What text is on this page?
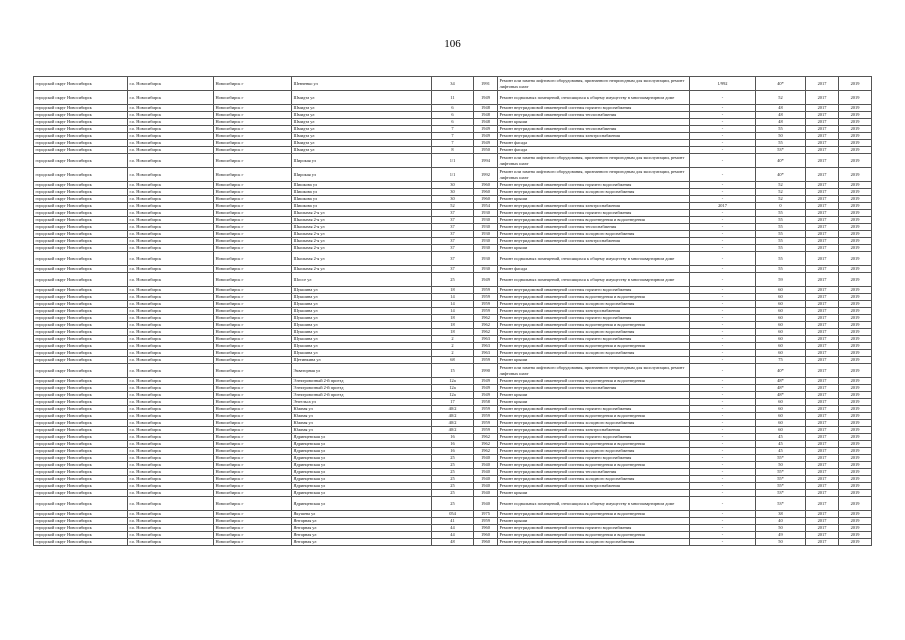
106
городской округ Новосибирск	г.о. Новосибирск	Новосибирск г	Шевченко ул	34	1991	Ремонт или замена лифтового оборудования, признанного непригодным для эксплуатации, ремонт лифтовых шахт	1/992	40*	2017	2019
городской округ Новосибирск	г.о. Новосибирск	Новосибирск г	Шмидта ул	11	1949	Ремонт подвальных помещений, относящихся к общему имуществу в многоквартирном доме	-	52	2017	2019
городской округ Новосибирск	г.о. Новосибирск	Новосибирск г	Шмидта ул	6	1948	Ремонт внутридомовой инженерной системы горячего водоснабжения	-	48	2017	2019
городской округ Новосибирск	г.о. Новосибирск	Новосибирск г	Шмидта ул	6	1948	Ремонт внутридомовой инженерной системы теплоснабжения	-	48	2017	2019
городской округ Новосибирск	г.о. Новосибирск	Новосибирск г	Шмидта ул	6	1948	Ремонт крыши	-	48	2017	2019
городской округ Новосибирск	г.о. Новосибирск	Новосибирск г	Шмидта ул	7	1949	Ремонт внутридомовой инженерной системы теплоснабжения	-	55	2017	2019
городской округ Новосибирск	г.о. Новосибирск	Новосибирск г	Шмидта ул	7	1949	Ремонт внутридомовой инженерной системы электроснабжения	-	50	2017	2019
городской округ Новосибирск	г.о. Новосибирск	Новосибирск г	Шмидта ул	7	1949	Ремонт фасада	-	55	2017	2019
городской округ Новосибирск	г.о. Новосибирск	Новосибирск г	Шмидта ул	8	1950	Ремонт фасада	-	53*	2017	2019
городской округ Новосибирск	г.о. Новосибирск	Новосибирск г	Широкая ул	1/1	1994	Ремонт или замена лифтового оборудования, признанного непригодным для эксплуатации, ремонт лифтовых шахт	-	40*	2017	2019
городской округ Новосибирск	г.о. Новосибирск	Новосибирск г	Широкая ул	1/1	1992	Ремонт или замена лифтового оборудования, признанного непригодным для эксплуатации, ремонт лифтовых шахт	-	40*	2017	2019
городской округ Новосибирск	г.о. Новосибирск	Новосибирск г	Шишкова ул	30	1960	Ремонт внутридомовой инженерной системы горячего водоснабжения	-	52	2017	2019
городской округ Новосибирск	г.о. Новосибирск	Новосибирск г	Шишкова ул	30	1960	Ремонт внутридомовой инженерной системы холодного водоснабжения	-	52	2017	2019
городской округ Новосибирск	г.о. Новосибирск	Новосибирск г	Шишкова ул	30	1960	Ремонт крыши	-	52	2017	2019
городской округ Новосибирск	г.о. Новосибирск	Новосибирск г	Шишкова ул	52	1954	Ремонт внутридомовой инженерной системы электроснабжения	2017	0	2017	2019
городской округ Новосибирск	г.о. Новосибирск	Новосибирск г	Школьная 2-я ул	37	1930	Ремонт внутридомовой инженерной системы горячего водоснабжения	-	55	2017	2019
городской округ Новосибирск	г.о. Новосибирск	Новосибирск г	Школьная 2-я ул	37	1930	Ремонт внутридомовой инженерной системы водоотведения и водоотведения	-	55	2017	2019
городской округ Новосибирск	г.о. Новосибирск	Новосибирск г	Школьная 2-я ул	37	1930	Ремонт внутридомовой инженерной системы теплоснабжения	-	55	2017	2019
городской округ Новосибирск	г.о. Новосибирск	Новосибирск г	Школьная 2-я ул	37	1930	Ремонт внутридомовой инженерной системы холодного водоснабжения	-	55	2017	2019
городской округ Новосибирск	г.о. Новосибирск	Новосибирск г	Школьная 2-я ул	37	1930	Ремонт внутридомовой инженерной системы электроснабжения	-	55	2017	2019
городской округ Новосибирск	г.о. Новосибирск	Новосибирск г	Школьная 2-я ул	37	1930	Ремонт крыши	-	55	2017	2019
городской округ Новосибирск	г.о. Новосибирск	Новосибирск г	Школьная 2-я ул	37	1930	Ремонт подвальных помещений, относящихся к общему имуществу в многоквартирном доме	-	55	2017	2019
городской округ Новосибирск	г.о. Новосибирск	Новосибирск г	Школьная 2-я ул	37	1930	Ремонт фасада	-	55	2017	2019
городской округ Новосибирск	г.о. Новосибирск	Новосибирск г	Шоссе ул	25	1949	Ремонт подвальных помещений, относящихся к общему имуществу в многоквартирном доме	-	59	2017	2019
городской округ Новосибирск	г.о. Новосибирск	Новосибирск г	Шукшина ул	18	1959	Ремонт внутридомовой инженерной системы горячего водоснабжения	-	60	2017	2019
городской округ Новосибирск	г.о. Новосибирск	Новосибирск г	Шукшина ул	14	1959	Ремонт внутридомовой инженерной системы водоотведения и водоотведения	-	60	2017	2019
городской округ Новосибирск	г.о. Новосибирск	Новосибирск г	Шукшина ул	14	1959	Ремонт внутридомовой инженерной системы холодного водоснабжения	-	60	2017	2019
городской округ Новосибирск	г.о. Новосибирск	Новосибирск г	Шукшина ул	14	1959	Ремонт внутридомовой инженерной системы электроснабжения	-	60	2017	2019
городской округ Новосибирск	г.о. Новосибирск	Новосибирск г	Шукшина ул	18	1962	Ремонт внутридомовой инженерной системы горячего водоснабжения	-	60	2017	2019
городской округ Новосибирск	г.о. Новосибирск	Новосибирск г	Шукшина ул	18	1962	Ремонт внутридомовой инженерной системы водоотведения и водоотведения	-	60	2017	2019
городской округ Новосибирск	г.о. Новосибирск	Новосибирск г	Шукшина ул	18	1962	Ремонт внутридомовой инженерной системы холодного водоснабжения	-	60	2017	2019
городской округ Новосибирск	г.о. Новосибирск	Новосибирск г	Шукшина ул	2	1963	Ремонт внутридомовой инженерной системы горячего водоснабжения	-	60	2017	2019
городской округ Новосибирск	г.о. Новосибирск	Новосибирск г	Шукшина ул	2	1963	Ремонт внутридомовой инженерной системы водоотведения и водоотведения	-	60	2017	2019
городской округ Новосибирск	г.о. Новосибирск	Новосибирск г	Шукшина ул	2	1963	Ремонт внутридомовой инженерной системы холодного водоснабжения	-	60	2017	2019
городской округ Новосибирск	г.о. Новосибирск	Новосибирск г	Щетинкина ул	68	1959	Ремонт крыши	-	75	2017	2019
городской округ Новосибирск	г.о. Новосибирск	Новосибирск г	Экваторная ул	15	1990	Ремонт или замена лифтового оборудования, признанного непригодным для эксплуатации, ремонт лифтовых шахт	-	40*	2017	2019
городской округ Новосибирск	г.о. Новосибирск	Новосибирск г	Электровозный 2-й проезд	12а	1949	Ремонт внутридомовой инженерной системы водоотведения и водоотведения	-	48*	2017	2019
городской округ Новосибирск	г.о. Новосибирск	Новосибирск г	Электровозный 2-й проезд	12а	1949	Ремонт внутридомовой инженерной системы теплоснабжения	-	48*	2017	2019
городской округ Новосибирск	г.о. Новосибирск	Новосибирск г	Электровозный 2-й проезд	12а	1949	Ремонт крыши	-	48*	2017	2019
городской округ Новосибирск	г.о. Новосибирск	Новосибирск г	Энгельса ул	17	1958	Ремонт крыши	-	60	2017	2019
городской округ Новосибирск	г.о. Новосибирск	Новосибирск г	Южная ул	40/2	1959	Ремонт внутридомовой инженерной системы горячего водоснабжения	-	60	2017	2019
городской округ Новосибирск	г.о. Новосибирск	Новосибирск г	Южная ул	40/2	1959	Ремонт внутридомовой инженерной системы водоотведения и водоотведения	-	60	2017	2019
городской округ Новосибирск	г.о. Новосибирск	Новосибирск г	Южная ул	40/2	1959	Ремонт внутридомовой инженерной системы холодного водоснабжения	-	60	2017	2019
городской округ Новосибирск	г.о. Новосибирск	Новосибирск г	Южная ул	40/2	1959	Ремонт внутридомовой инженерной системы электроснабжения	-	60	2017	2019
городской округ Новосибирск	г.о. Новосибирск	Новосибирск г	Ядринцевская ул	16	1962	Ремонт внутридомовой инженерной системы горячего водоснабжения	-	45	2017	2019
городской округ Новосибирск	г.о. Новосибирск	Новосибирск г	Ядринцевская ул	16	1962	Ремонт внутридомовой инженерной системы водоотведения и водоотведения	-	45	2017	2019
городской округ Новосибирск	г.о. Новосибирск	Новосибирск г	Ядринцевская ул	16	1962	Ремонт внутридомовой инженерной системы холодного водоснабжения	-	45	2017	2019
городской округ Новосибирск	г.о. Новосибирск	Новосибирск г	Ядринцевская ул	25	1940	Ремонт внутридомовой инженерной системы горячего водоснабжения	-	55*	2017	2019
городской округ Новосибирск	г.о. Новосибирск	Новосибирск г	Ядринцевская ул	25	1940	Ремонт внутридомовой инженерной системы водоотведения и водоотведения	-	50	2017	2019
городской округ Новосибирск	г.о. Новосибирск	Новосибирск г	Ядринцевская ул	25	1940	Ремонт внутридомовой инженерной системы теплоснабжения	-	55*	2017	2019
городской округ Новосибирск	г.о. Новосибирск	Новосибирск г	Ядринцевская ул	25	1940	Ремонт внутридомовой инженерной системы холодного водоснабжения	-	55*	2017	2019
городской округ Новосибирск	г.о. Новосибирск	Новосибирск г	Ядринцевская ул	25	1940	Ремонт внутридомовой инженерной системы электроснабжения	-	55*	2017	2019
городской округ Новосибирск	г.о. Новосибирск	Новосибирск г	Ядринцевская ул	25	1940	Ремонт крыши	-	53*	2017	2019
городской округ Новосибирск	г.о. Новосибирск	Новосибирск г	Ядринцевская ул	25	1940	Ремонт подвальных помещений, относящихся к общему имуществу в многоквартирном доме	-	53*	2017	2019
городской округ Новосибирск	г.о. Новосибирск	Новосибирск г	Якушева ул	054	1975	Ремонт внутридомовой инженерной системы водоотведения и водоотведения	-	38	2017	2019
городской округ Новосибирск	г.о. Новосибирск	Новосибирск г	Янтарная ул	41	1959	Ремонт крыши	-	40	2017	2019
городской округ Новосибирск	г.о. Новосибирск	Новосибирск г	Янтарная ул	44	1960	Ремонт внутридомовой инженерной системы горячего водоснабжения	-	50	2017	2019
городской округ Новосибирск	г.о. Новосибирск	Новосибирск г	Янтарная ул	44	1960	Ремонт внутридомовой инженерной системы водоотведения и водоотведения	-	49	2017	2019
городской округ Новосибирск	г.о. Новосибирск	Новосибирск г	Янтарная ул	48	1960	Ремонт внутридомовой инженерной системы холодного водоснабжения	-	50	2017	2019
